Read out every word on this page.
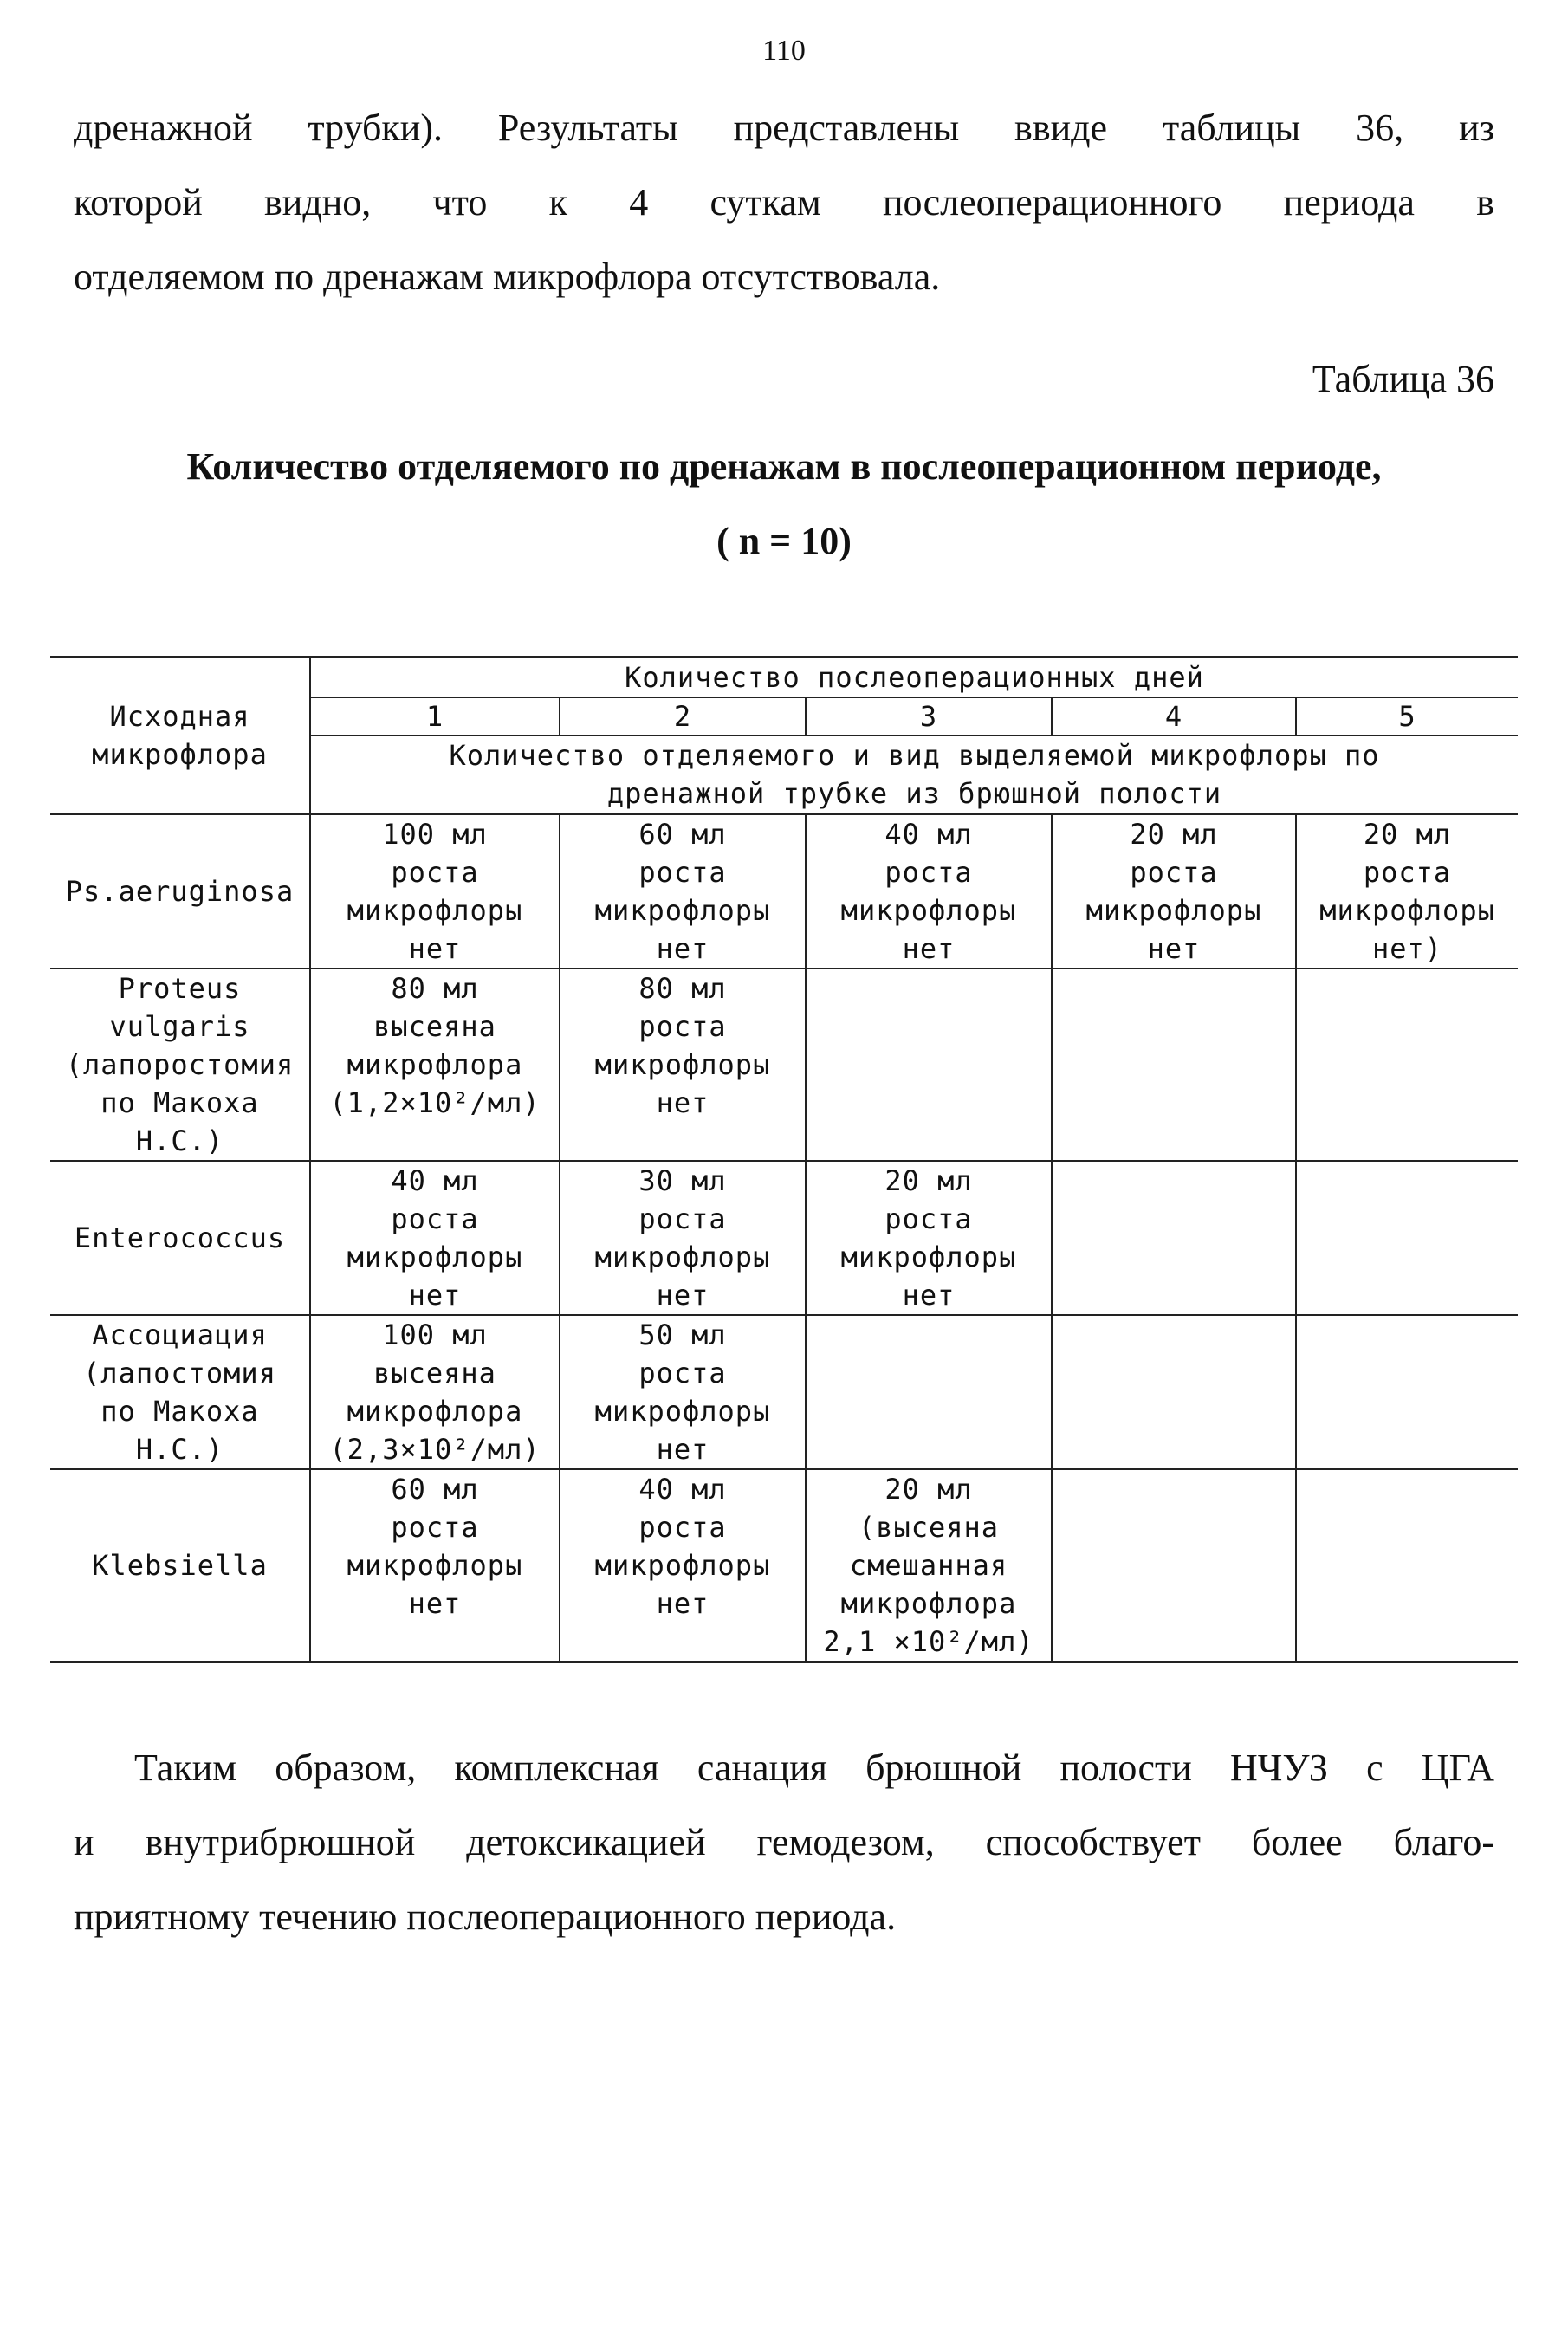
110
дренажной трубки). Результаты представлены ввиде таблицы 36, из
которой видно, что к 4 суткам послеоперационного периода в
отделяемом по дренажам микрофлора отсутствовала.
Таблица 36
Количество отделяемого по дренажам в послеоперационном периоде,
( n = 10)
Исходная
микрофлора	Количество послеоперационных дней				
	1	2	3	4	5

	Количество отделяемого и вид выделяемой микрофлоры по
дренажной трубке из брюшной полости				

Ps.aeruginosa	100 мл
роста
микрофлоры
нет	60 мл
роста
микрофлоры
нет	40 мл
роста
микрофлоры
нет	20 мл
роста
микрофлоры
нет	20 мл
роста
микрофлоры
нет)

Proteus
vulgaris
(лапоростомия
по Макоха
Н.С.)	80 мл
высеяна
микрофлора
(1,2×10²/мл)	80 мл
роста
микрофлоры
нет			

Enterococcus	40 мл
роста
микрофлоры
нет	30 мл
роста
микрофлоры
нет	20 мл
роста
микрофлоры
нет		

Ассоциация
(лапостомия
по Макоха
Н.С.)	100 мл
высеяна
микрофлора
(2,3×10²/мл)	50 мл
роста
микрофлоры
нет			

Klebsiella	60 мл
роста
микрофлоры
нет	40 мл
роста
микрофлоры
нет	20 мл
(высеяна
смешанная
микрофлора
2,1 ×10²/мл)		

Таким образом, комплексная санация брюшной полости НЧУЗ с ЦГА
и внутрибрюшной детоксикацией гемодезом, способствует более благо-
приятному течению послеоперационного периода.
